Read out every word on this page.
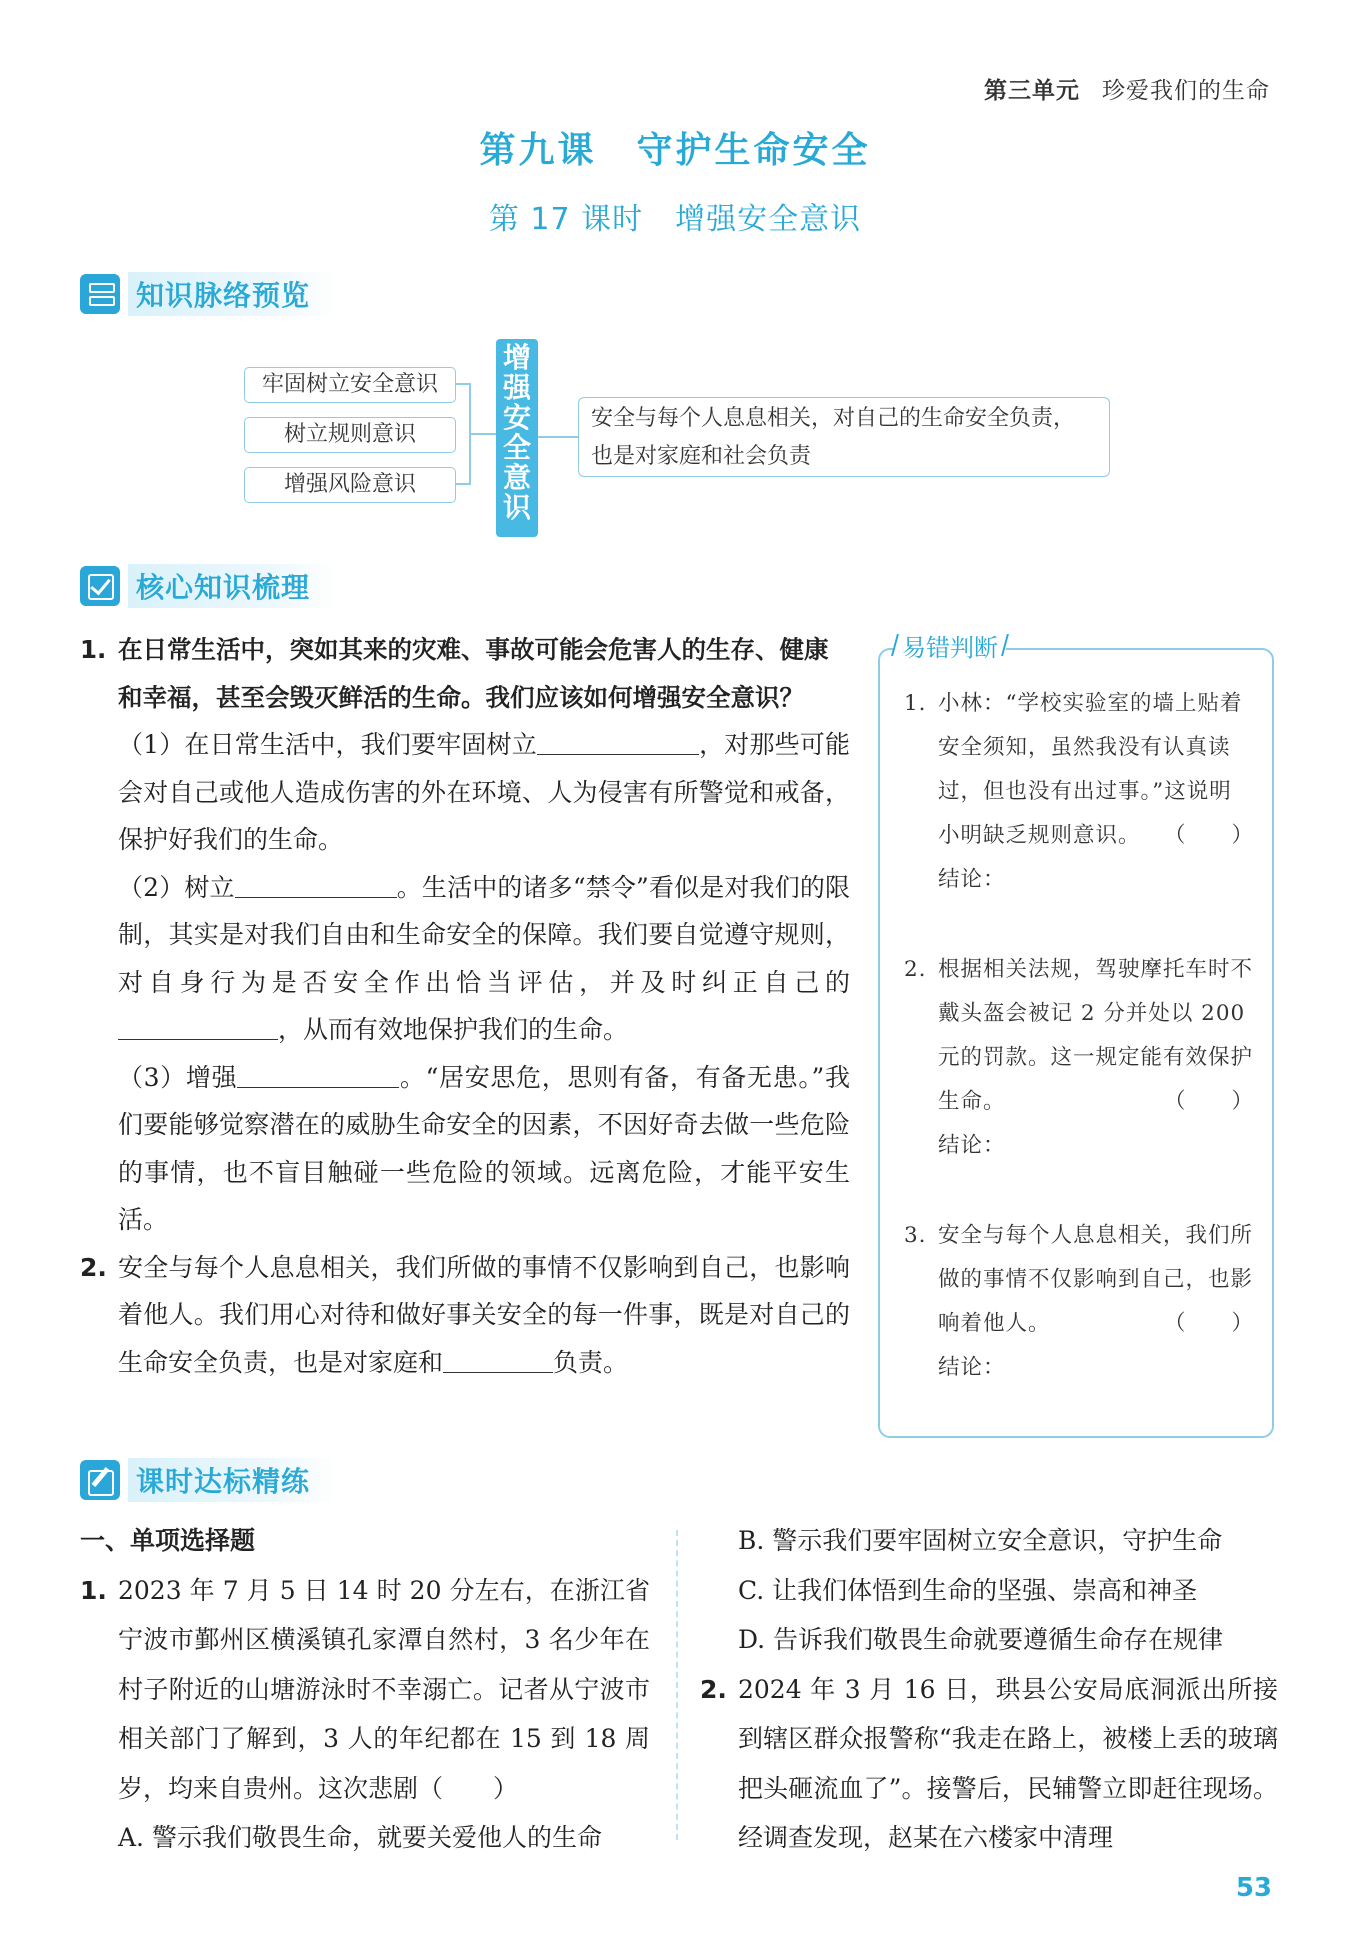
第三单元 珍爱我们的生命
第九课 守护生命安全
第 17 课时 增强安全意识
知识脉络预览
牢固树立安全意识
树立规则意识
增强风险意识
增
强
安
全
意
识
安全与每个人息息相关，对自己的生命安全负责，
也是对家庭和社会负责
核心知识梳理

1. 在日常生活中，突如其来的灾难、事故可能会危害人的生存、健康和幸福，甚至会毁灭鲜活的生命。我们应该如何增强安全意识？

（1）在日常生活中，我们要牢固树立	，对那些可能会对自己或他人造成伤害的外在环境、人为侵害有所警觉和戒备，保护好我们的生命。

（2）树立	。生活中的诸多“禁令”看似是对我们的限制，其实是对我们自由和生命安全的保障。我们要自觉遵守规则，对自身行为是否安全作出恰当评估，并及时纠正自己的，从而有效地保护我们的生命。

（3）增强	。“居安思危，思则有备，有备无患。”我们要能够觉察潜在的威胁生命安全的因素，不因好奇去做一些危险的事情，也不盲目触碰一些危险的领域。远离危险，才能平安生活。

2. 安全与每个人息息相关，我们所做的事情不仅影响到自己，也影响着他人。我们用心对待和做好事关安全的每一件事，既是对自己的生命安全负责，也是对家庭和	负责。

易错判断
1. 小林：“学校实验室的墙上贴着安全须知，虽然我没有认真读过，但也没有出过事。”这说明小明缺乏规则意识。 （　　）
结论：
2. 根据相关法规，驾驶摩托车时不戴头盔会被记 2 分并处以 200 元的罚款。这一规定能有效保护生命。	（　　）
结论：
3. 安全与每个人息息相关，我们所做的事情不仅影响到自己，也影响着他人。	（　　）
结论：
课时达标精练

一、单项选择题

1. 2023 年 7 月 5 日 14 时 20 分左右，在浙江省宁波市鄞州区横溪镇孔家潭自然村，3 名少年在村子附近的山塘游泳时不幸溺亡。记者从宁波市相关部门了解到，3 人的年纪都在 15 到 18 周岁，均来自贵州。这次悲剧（　　）

A. 警示我们敬畏生命，就要关爱他人的生命

B. 警示我们要牢固树立安全意识，守护生命

C. 让我们体悟到生命的坚强、崇高和神圣

D. 告诉我们敬畏生命就要遵循生命存在规律

2. 2024 年 3 月 16 日，珙县公安局底洞派出所接到辖区群众报警称“我走在路上，被楼上丢的玻璃把头砸流血了”。接警后，民辅警立即赶往现场。经调查发现，赵某在六楼家中清理

53
